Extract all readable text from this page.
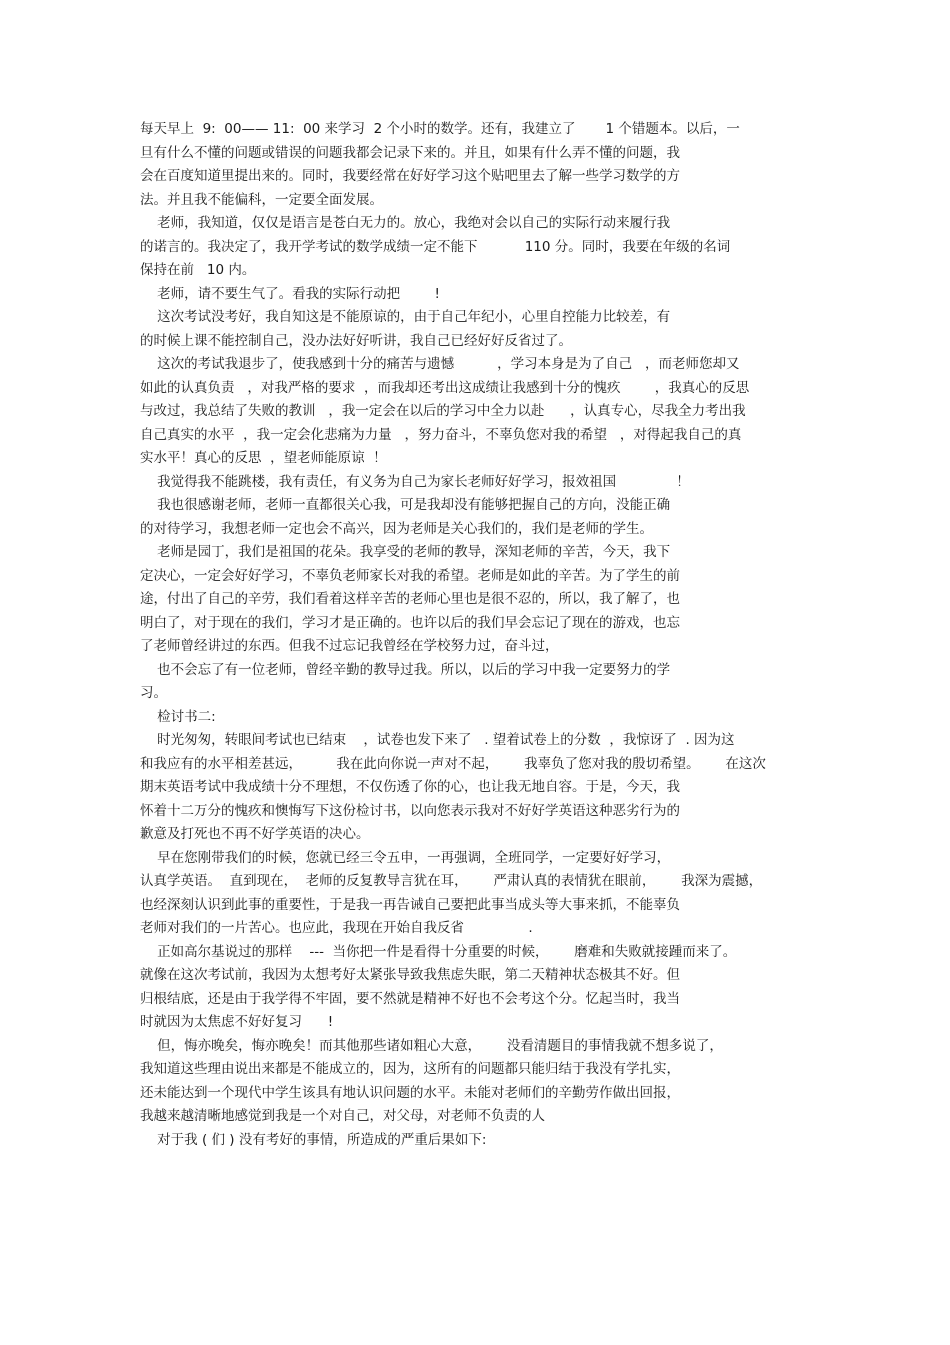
每天早上  9:  00—— 11:  00 来学习  2 个小时的数学。还有，我建立了       1 个错题本。以后，一
旦有什么不懂的问题或错误的问题我都会记录下来的。并且，如果有什么弄不懂的问题，我
会在百度知道里提出来的。同时，我要经常在好好学习这个贴吧里去了解一些学习数学的方
法。并且我不能偏科，一定要全面发展。
老师，我知道，仅仅是语言是苍白无力的。放心，我绝对会以自己的实际行动来履行我
的诺言的。我决定了，我开学考试的数学成绩一定不能下           110 分。同时，我要在年级的名词
保持在前   10 内。
老师，请不要生气了。看我的实际行动把        !
这次考试没考好，我自知这是不能原谅的，由于自己年纪小，心里自控能力比较差，有
的时候上课不能控制自己，没办法好好听讲，我自己已经好好反省过了。
这次的考试我退步了，使我感到十分的痛苦与遗憾          ，学习本身是为了自己   ，而老师您却又
如此的认真负责   ，对我严格的要求  ，而我却还考出这成绩让我感到十分的愧疚        ，我真心的反思
与改过，我总结了失败的教训   ，我一定会在以后的学习中全力以赴      ，认真专心，尽我全力考出我
自己真实的水平  ，我一定会化悲痛为力量   ，努力奋斗，不辜负您对我的希望   ，对得起我自己的真
实水平！真心的反思  ，望老师能原谅  ！
我觉得我不能跳楼，我有责任，有义务为自己为家长老师好好学习，报效祖国              ！
我也很感谢老师，老师一直都很关心我，可是我却没有能够把握自己的方向，没能正确
的对待学习，我想老师一定也会不高兴，因为老师是关心我们的，我们是老师的学生。
老师是园丁，我们是祖国的花朵。我享受的老师的教导，深知老师的辛苦，今天，我下
定决心，一定会好好学习，不辜负老师家长对我的希望。老师是如此的辛苦。为了学生的前
途，付出了自己的辛劳，我们看着这样辛苦的老师心里也是很不忍的，所以，我了解了，也
明白了，对于现在的我们，学习才是正确的。也许以后的我们早会忘记了现在的游戏，也忘
了老师曾经讲过的东西。但我不过忘记我曾经在学校努力过，奋斗过，
也不会忘了有一位老师，曾经辛勤的教导过我。所以，以后的学习中我一定要努力的学
习。
检讨书二:
时光匆匆，转眼间考试也已结束    ，试卷也发下来了   . 望着试卷上的分数  ，我惊讶了  . 因为这
和我应有的水平相差甚远，        我在此向你说一声对不起，      我辜负了您对我的殷切希望。      在这次
期末英语考试中我成绩十分不理想，不仅伤透了你的心，也让我无地自容。于是，今天，我
怀着十二万分的愧疚和懊悔写下这份检讨书，以向您表示我对不好好学英语这种恶劣行为的
歉意及打死也不再不好学英语的决心。
早在您刚带我们的时候，您就已经三令五申，一再强调，全班同学，一定要好好学习，
认真学英语。  直到现在，  老师的反复教导言犹在耳，      严肃认真的表情犹在眼前，      我深为震撼，
也经深刻认识到此事的重要性，于是我一再告诫自己要把此事当成头等大事来抓，不能辜负
老师对我们的一片苦心。也应此，我现在开始自我反省               .
正如高尔基说过的那样    ---  当你把一件是看得十分重要的时候，      磨难和失败就接踵而来了。
就像在这次考试前，我因为太想考好太紧张导致我焦虑失眠，第二天精神状态极其不好。但
归根结底，还是由于我学得不牢固，要不然就是精神不好也不会考这个分。忆起当时，我当
时就因为太焦虑不好好复习      !
但，悔亦晚矣，悔亦晚矣！而其他那些诸如粗心大意，      没看清题目的事情我就不想多说了，
我知道这些理由说出来都是不能成立的，因为，这所有的问题都只能归结于我没有学扎实，
还未能达到一个现代中学生该具有地认识问题的水平。未能对老师们的辛勤劳作做出回报，
我越来越清晰地感觉到我是一个对自己，对父母，对老师不负责的人
对于我 ( 们 ) 没有考好的事情，所造成的严重后果如下:
